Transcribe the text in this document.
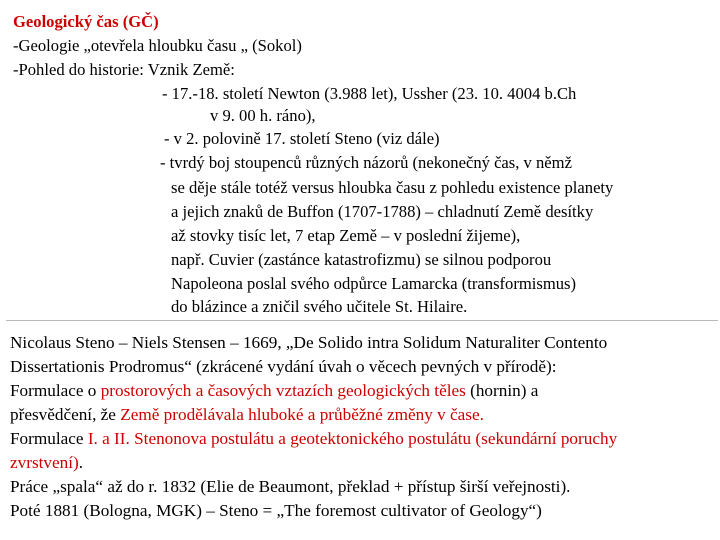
Geologický čas (GČ)
-Geologie „otevřela hloubku času „ (Sokol)
-Pohled do historie: Vznik Země:
- 17.-18. století Newton (3.988 let), Ussher (23. 10. 4004 b.Ch
v 9. 00 h. ráno),
- v 2. polovině 17. století Steno (viz dále)
- tvrdý boj stoupenců různých názorů (nekonečný čas, v němž
se děje stále totéž versus hloubka času z pohledu existence planety
a jejich znaků de Buffon (1707-1788) – chladnutí Země desítky
až stovky tisíc let, 7 etap Země – v poslední žijeme),
např. Cuvier (zastánce katastrofizmu) se silnou podporou
Napoleona poslal svého odpůrce Lamarcka (transformismus)
do blázince a zničil svého učitele St. Hilaire.
Nicolaus Steno – Niels Stensen – 1669, „De Solido intra Solidum Naturaliter Contento
Dissertationis Prodromus“ (zkrácené vydání úvah o věcech pevných v přírodě):
Formulace o prostorových a časových vztazích geologických těles (hornin) a
přesvědčení, že Země prodělávala hluboké a průběžné změny v čase.
Formulace I. a II. Stenonova postulátu a geotektonického postulátu (sekundární poruchy
zvrstvení).
Práce „spala“ až do r. 1832 (Elie de Beaumont, překlad + přístup širší veřejnosti).
Poté 1881 (Bologna, MGK) – Steno = „The foremost cultivator of Geology“)
